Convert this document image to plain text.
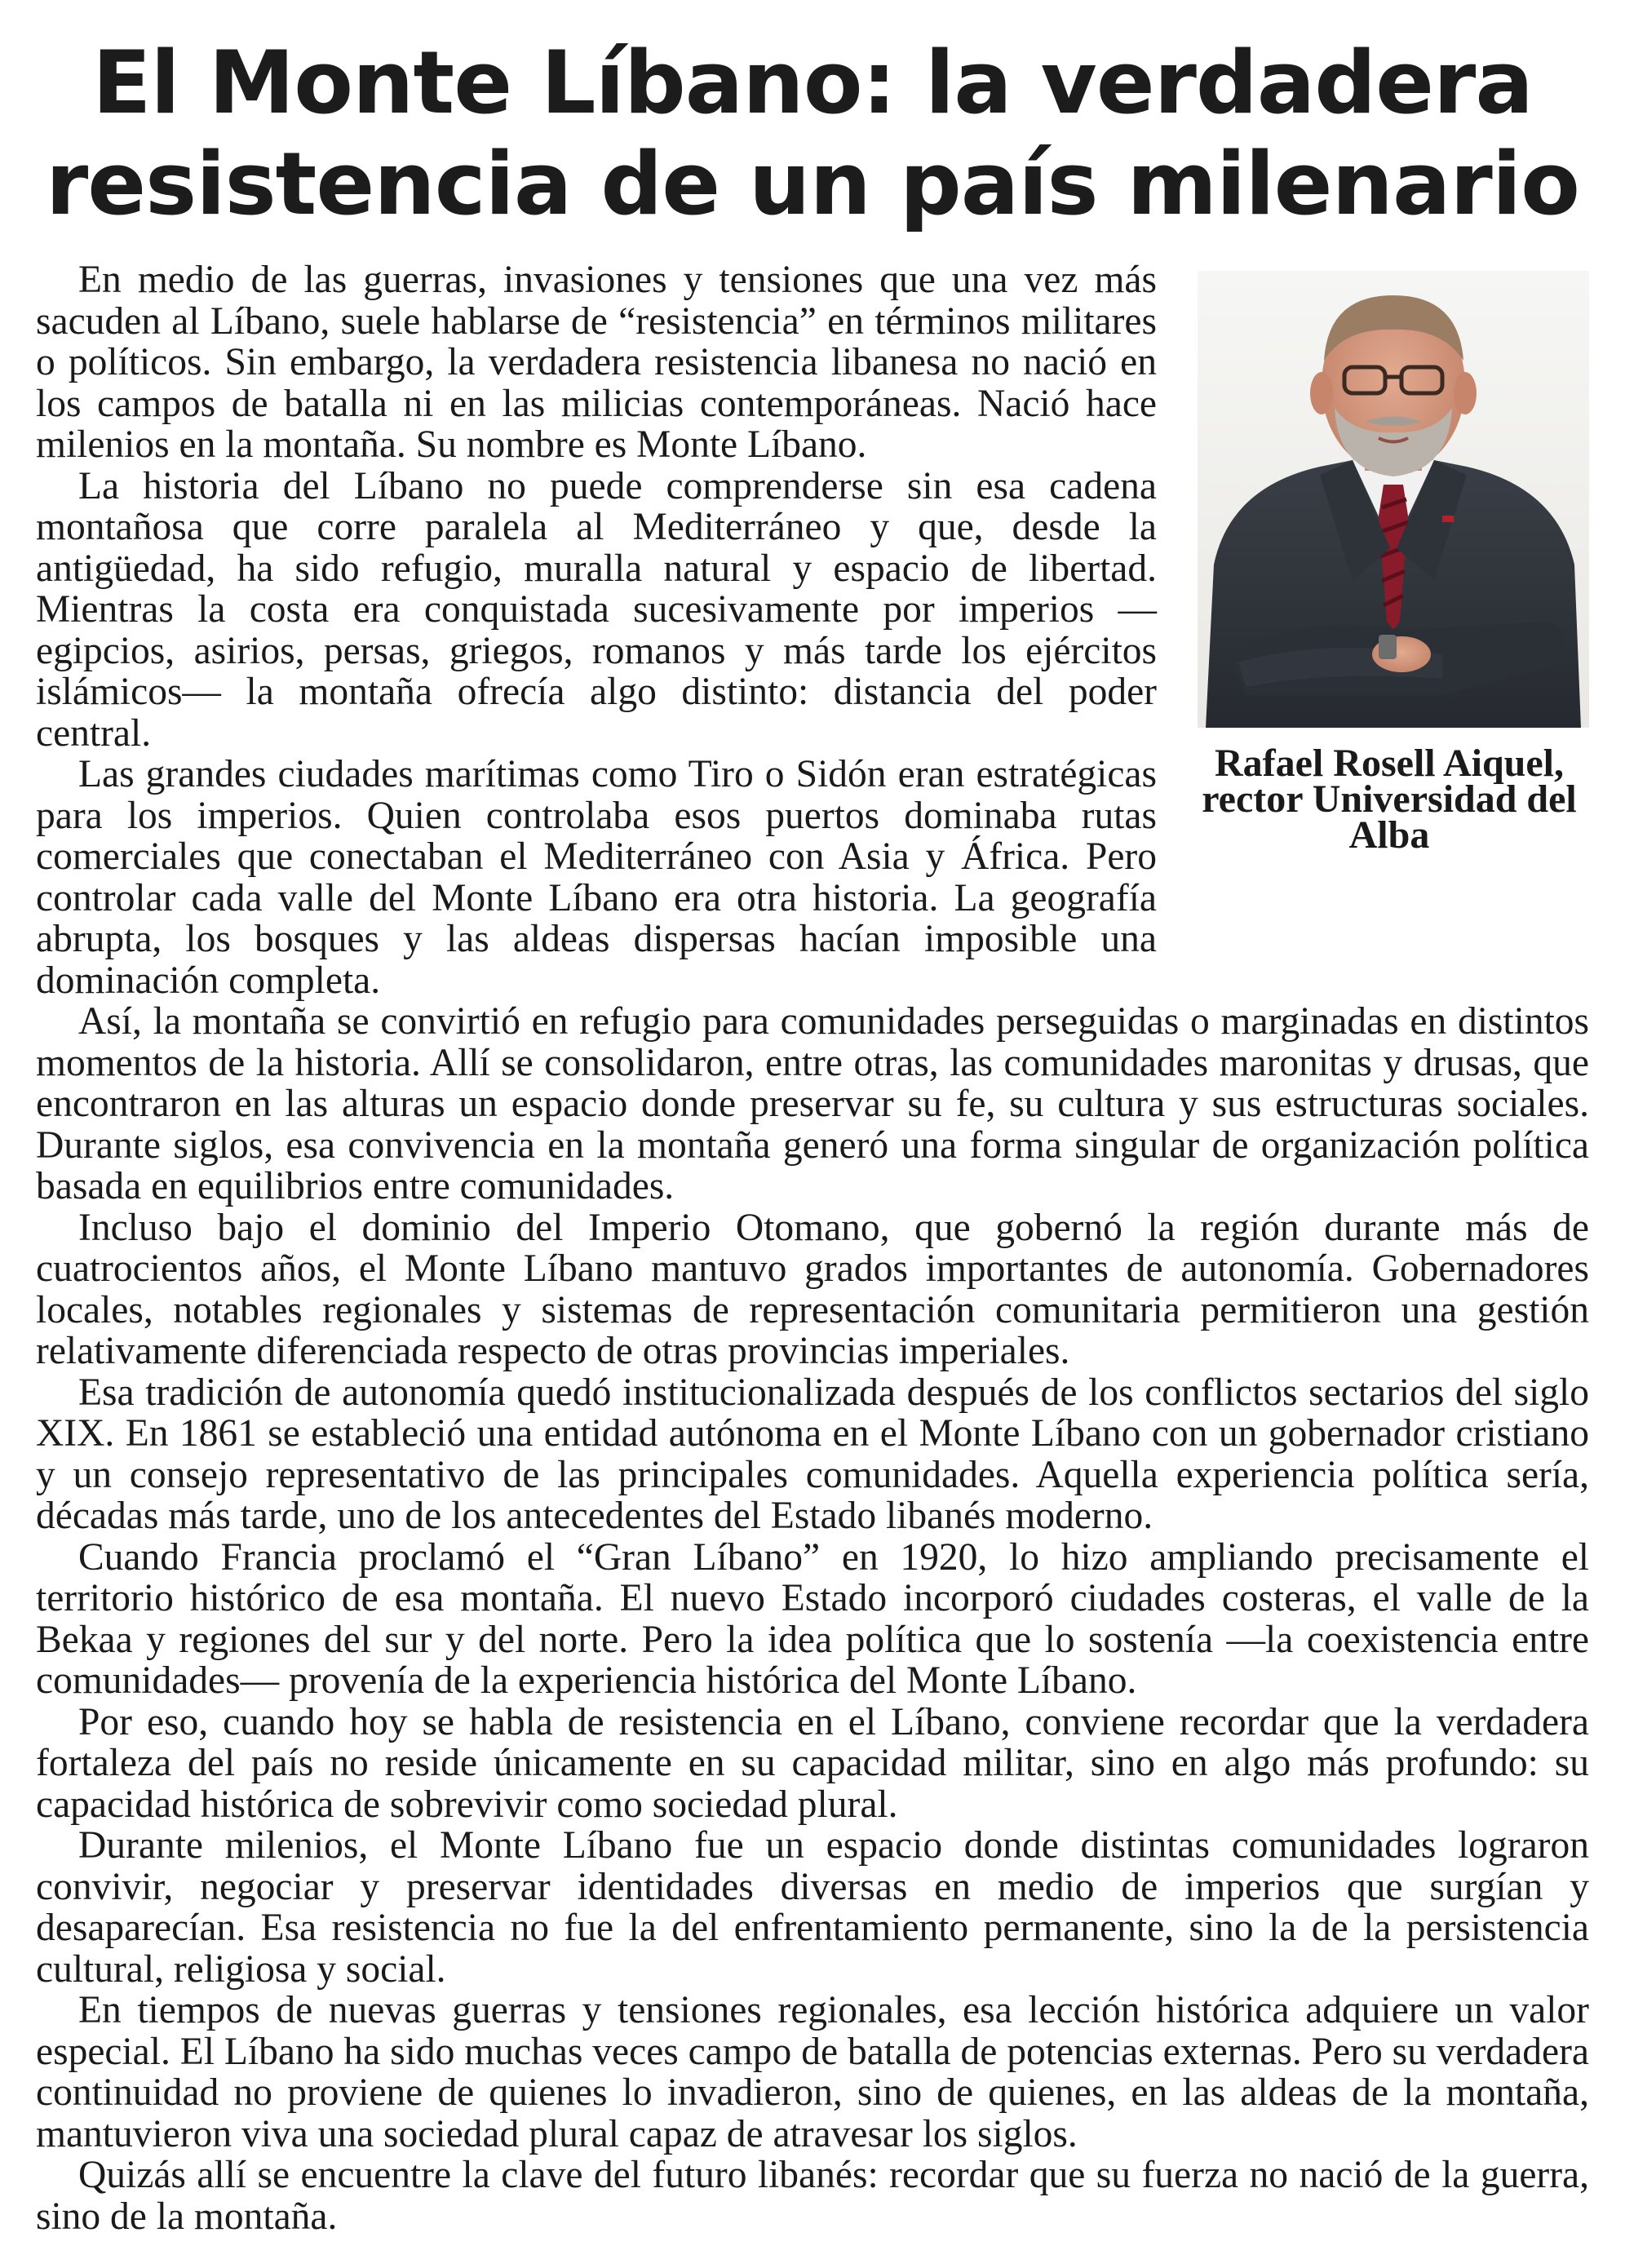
El Monte Líbano: la verdadera resistencia de un país milenario
Rafael Rosell Aiquel, rector Universidad del Alba

En medio de las guerras, invasiones y tensiones que una vez más sacuden al Líbano, suele hablarse de “resistencia” en términos militares o políticos. Sin embargo, la verdadera resistencia libanesa no nació en los campos de batalla ni en las milicias contemporáneas. Nació hace milenios en la montaña. Su nombre es Monte Líbano.

La historia del Líbano no puede comprenderse sin esa cadena montañosa que corre paralela al Mediterráneo y que, desde la antigüedad, ha sido refugio, muralla natural y espacio de libertad. Mientras la costa era conquistada sucesivamente por imperios —egipcios, asirios, persas, griegos, romanos y más tarde los ejércitos islámicos— la montaña ofrecía algo distinto: distancia del poder central.

Las grandes ciudades marítimas como Tiro o Sidón eran estratégicas para los imperios. Quien controlaba esos puertos dominaba rutas comerciales que conectaban el Mediterráneo con Asia y África. Pero controlar cada valle del Monte Líbano era otra historia. La geografía abrupta, los bosques y las aldeas dispersas hacían imposible una dominación completa.

Así, la montaña se convirtió en refugio para comunidades perseguidas o marginadas en distintos momentos de la historia. Allí se consolidaron, entre otras, las comunidades maronitas y drusas, que encontraron en las alturas un espacio donde preservar su fe, su cultura y sus estructuras sociales. Durante siglos, esa convivencia en la montaña generó una forma singular de organización política basada en equilibrios entre comunidades.

Incluso bajo el dominio del Imperio Otomano, que gobernó la región durante más de cuatrocientos años, el Monte Líbano mantuvo grados importantes de autonomía. Gobernadores locales, notables regionales y sistemas de representación comunitaria permitieron una gestión relativamente diferenciada respecto de otras provincias imperiales.

Esa tradición de autonomía quedó institucionalizada después de los conflictos sectarios del siglo XIX. En 1861 se estableció una entidad autónoma en el Monte Líbano con un gobernador cristiano y un consejo representativo de las principales comunidades. Aquella experiencia política sería, décadas más tarde, uno de los antecedentes del Estado libanés moderno.

Cuando Francia proclamó el “Gran Líbano” en 1920, lo hizo ampliando precisamente el territorio histórico de esa montaña. El nuevo Estado incorporó ciudades costeras, el valle de la Bekaa y regiones del sur y del norte. Pero la idea política que lo sostenía —la coexistencia entre comunidades— provenía de la experiencia histórica del Monte Líbano.

Por eso, cuando hoy se habla de resistencia en el Líbano, conviene recordar que la verdadera fortaleza del país no reside únicamente en su capacidad militar, sino en algo más profundo: su capacidad histórica de sobrevivir como sociedad plural.

Durante milenios, el Monte Líbano fue un espacio donde distintas comunidades lograron convivir, negociar y preservar identidades diversas en medio de imperios que surgían y desaparecían. Esa resistencia no fue la del enfrentamiento permanente, sino la de la persistencia cultural, religiosa y social.

En tiempos de nuevas guerras y tensiones regionales, esa lección histórica adquiere un valor especial. El Líbano ha sido muchas veces campo de batalla de potencias externas. Pero su verdadera continuidad no proviene de quienes lo invadieron, sino de quienes, en las aldeas de la montaña, mantuvieron viva una sociedad plural capaz de atravesar los siglos.

Quizás allí se encuentre la clave del futuro libanés: recordar que su fuerza no nació de la guerra, sino de la montaña.
